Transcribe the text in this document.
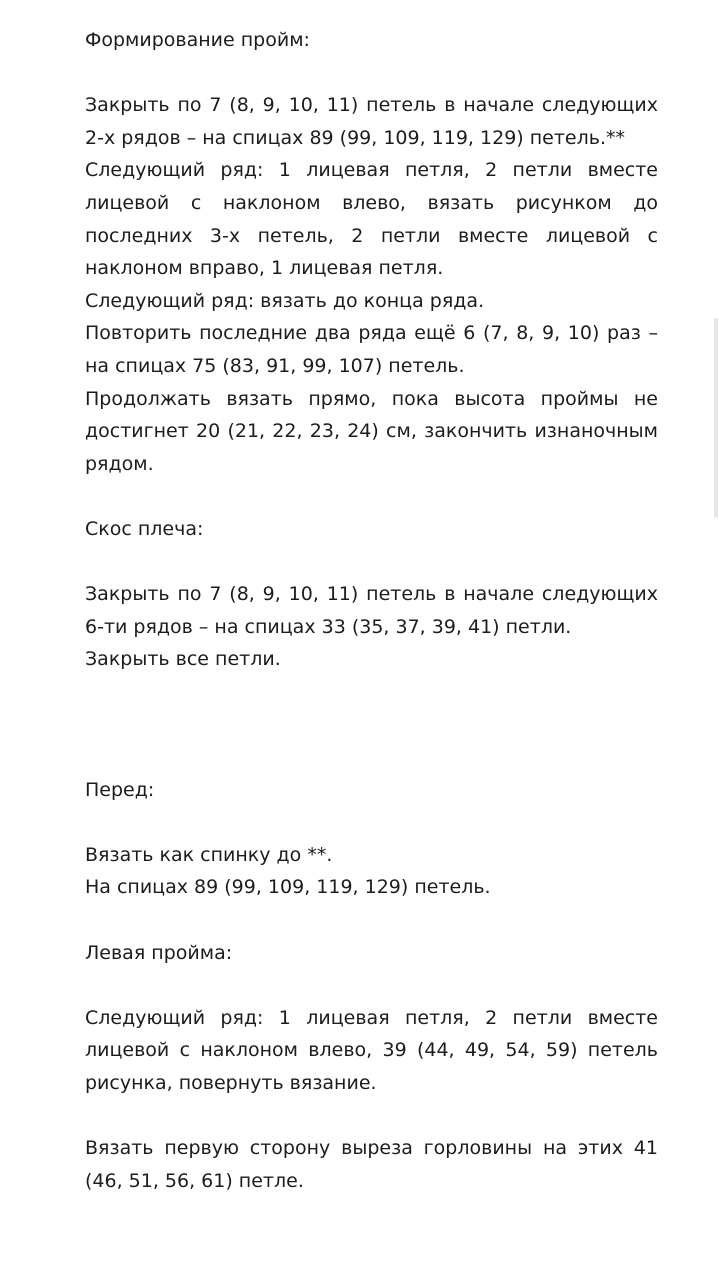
Формирование пройм:

Закрыть по 7 (8, 9, 10, 11) петель в начале следующих 2-х рядов – на спицах 89 (99, 109, 119, 129) петель.**

Следующий ряд: 1 лицевая петля, 2 петли вместе лицевой с наклоном влево, вязать рисунком до последних 3-х петель, 2 петли вместе лицевой с наклоном вправо, 1 лицевая петля.

Следующий ряд: вязать до конца ряда.

Повторить последние два ряда ещё 6 (7, 8, 9, 10) раз – на спицах 75 (83, 91, 99, 107) петель.

Продолжать вязать прямо, пока высота проймы не достигнет 20 (21, 22, 23, 24) см, закончить изнаночным рядом.

Скос плеча:

Закрыть по 7 (8, 9, 10, 11) петель в начале следующих 6-ти рядов – на спицах 33 (35, 37, 39, 41) петли.

Закрыть все петли.

Перед:

Вязать как спинку до **.

На спицах 89 (99, 109, 119, 129) петель.

Левая пройма:

Следующий ряд: 1 лицевая петля, 2 петли вместе лицевой с наклоном влево, 39 (44, 49, 54, 59) петель рисунка, повернуть вязание.

Вязать первую сторону выреза горловины на этих 41 (46, 51, 56, 61) петле.
